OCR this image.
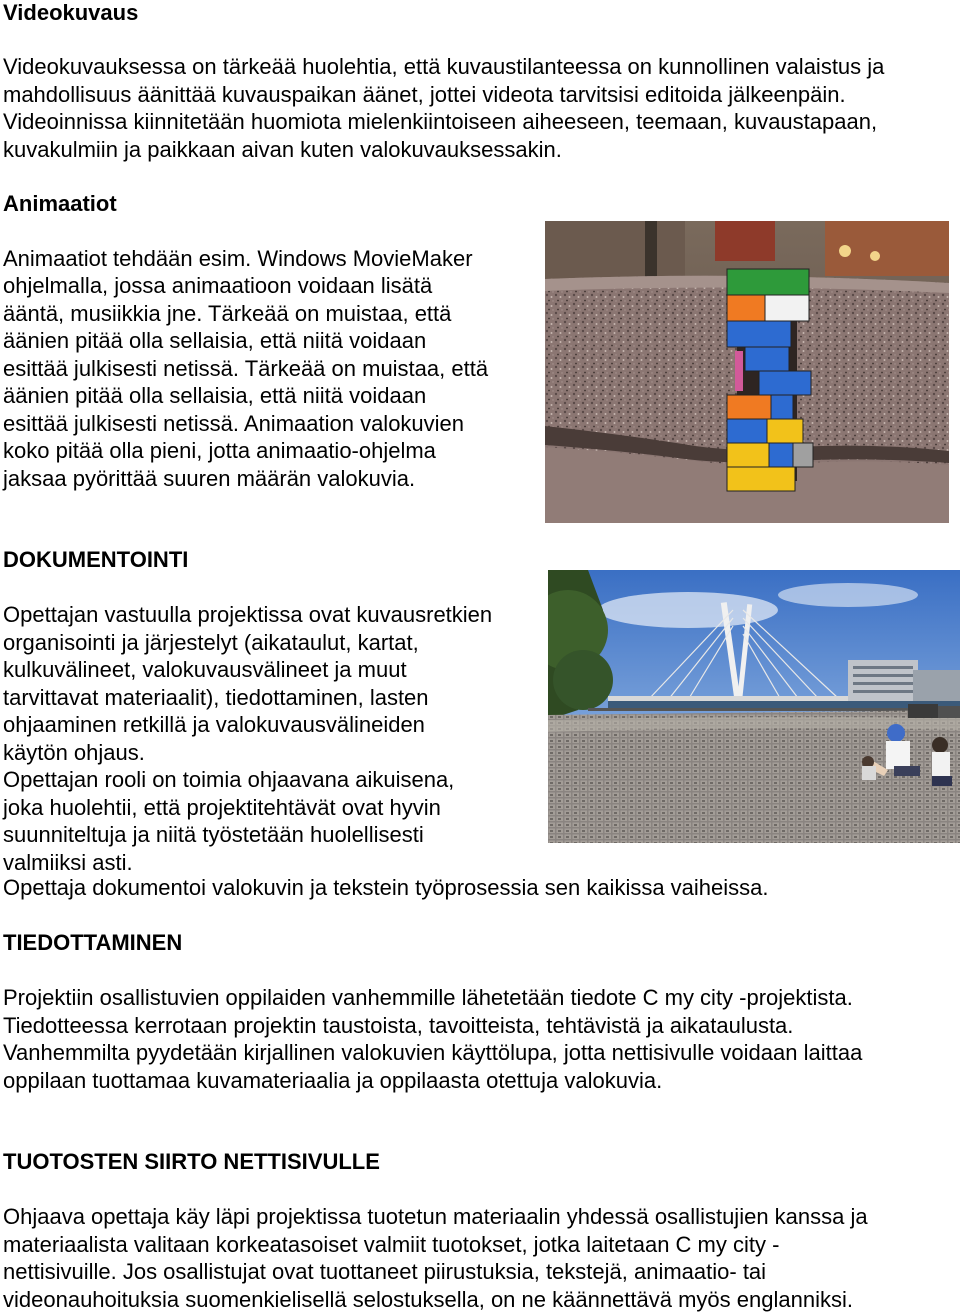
Videokuvaus

Videokuvauksessa on tärkeää huolehtia, että kuvaustilanteessa on kunnollinen valaistus ja

mahdollisuus äänittää kuvauspaikan äänet, jottei videota tarvitsisi editoida jälkeenpäin.

Videoinnissa kiinnitetään huomiota mielenkiintoiseen aiheeseen, teemaan, kuvaustapaan,

kuvakulmiin ja paikkaan aivan kuten valokuvauksessakin.

Animaatiot

Animaatiot tehdään esim. Windows MovieMaker

ohjelmalla, jossa animaatioon voidaan lisätä

ääntä, musiikkia jne. Tärkeää on muistaa, että

äänien pitää olla sellaisia, että niitä voidaan

esittää julkisesti netissä. Tärkeää on muistaa, että

äänien pitää olla sellaisia, että niitä voidaan

esittää julkisesti netissä. Animaation valokuvien

koko pitää olla pieni, jotta animaatio-ohjelma

jaksaa pyörittää suuren määrän valokuvia.

DOKUMENTOINTI

Opettajan vastuulla projektissa ovat kuvausretkien

organisointi ja järjestelyt (aikataulut, kartat,

kulkuvälineet, valokuvausvälineet ja muut

tarvittavat materiaalit), tiedottaminen, lasten

ohjaaminen retkillä ja valokuvausvälineiden

käytön ohjaus.

Opettajan rooli on toimia ohjaavana aikuisena,

joka huolehtii, että projektitehtävät ovat hyvin

suunniteltuja ja niitä työstetään huolellisesti

valmiiksi asti.

Opettaja dokumentoi valokuvin ja tekstein työprosessia sen kaikissa vaiheissa.

TIEDOTTAMINEN

Projektiin osallistuvien oppilaiden vanhemmille lähetetään tiedote C my city -projektista.

Tiedotteessa kerrotaan projektin taustoista, tavoitteista, tehtävistä ja aikataulusta.

Vanhemmilta pyydetään kirjallinen valokuvien käyttölupa, jotta nettisivulle voidaan laittaa

oppilaan tuottamaa kuvamateriaalia ja oppilaasta otettuja valokuvia.

TUOTOSTEN SIIRTO NETTISIVULLE

Ohjaava opettaja käy läpi projektissa tuotetun materiaalin yhdessä osallistujien kanssa ja

materiaalista valitaan korkeatasoiset valmiit tuotokset, jotka laitetaan C my city -

nettisivuille. Jos osallistujat ovat tuottaneet piirustuksia, tekstejä, animaatio- tai

videonauhoituksia suomenkielisellä selostuksella, on ne käännettävä myös englanniksi.
